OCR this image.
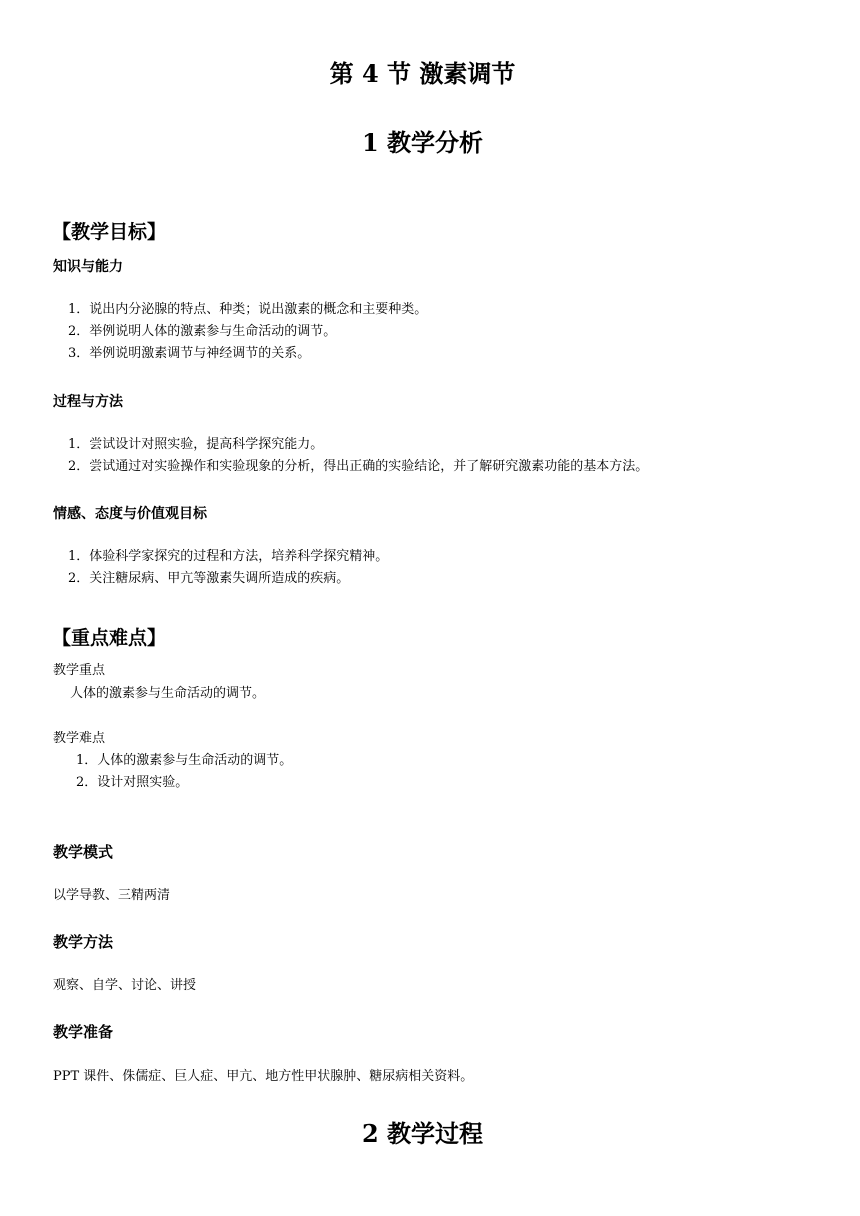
第 4 节 激素调节
1 教学分析
【教学目标】
知识与能力
1．说出内分泌腺的特点、种类；说出激素的概念和主要种类。
2．举例说明人体的激素参与生命活动的调节。
3．举例说明激素调节与神经调节的关系。
过程与方法
1．尝试设计对照实验，提高科学探究能力。
2．尝试通过对实验操作和实验现象的分析，得出正确的实验结论，并了解研究激素功能的基本方法。
情感、态度与价值观目标
1．体验科学家探究的过程和方法，培养科学探究精神。
2．关注糖尿病、甲亢等激素失调所造成的疾病。
【重点难点】
教学重点
人体的激素参与生命活动的调节。
教学难点
1．人体的激素参与生命活动的调节。
2．设计对照实验。
教学模式
以学导教、三精两清
教学方法
观察、自学、讨论、讲授
教学准备
PPT 课件、侏儒症、巨人症、甲亢、地方性甲状腺肿、糖尿病相关资料。
2 教学过程
